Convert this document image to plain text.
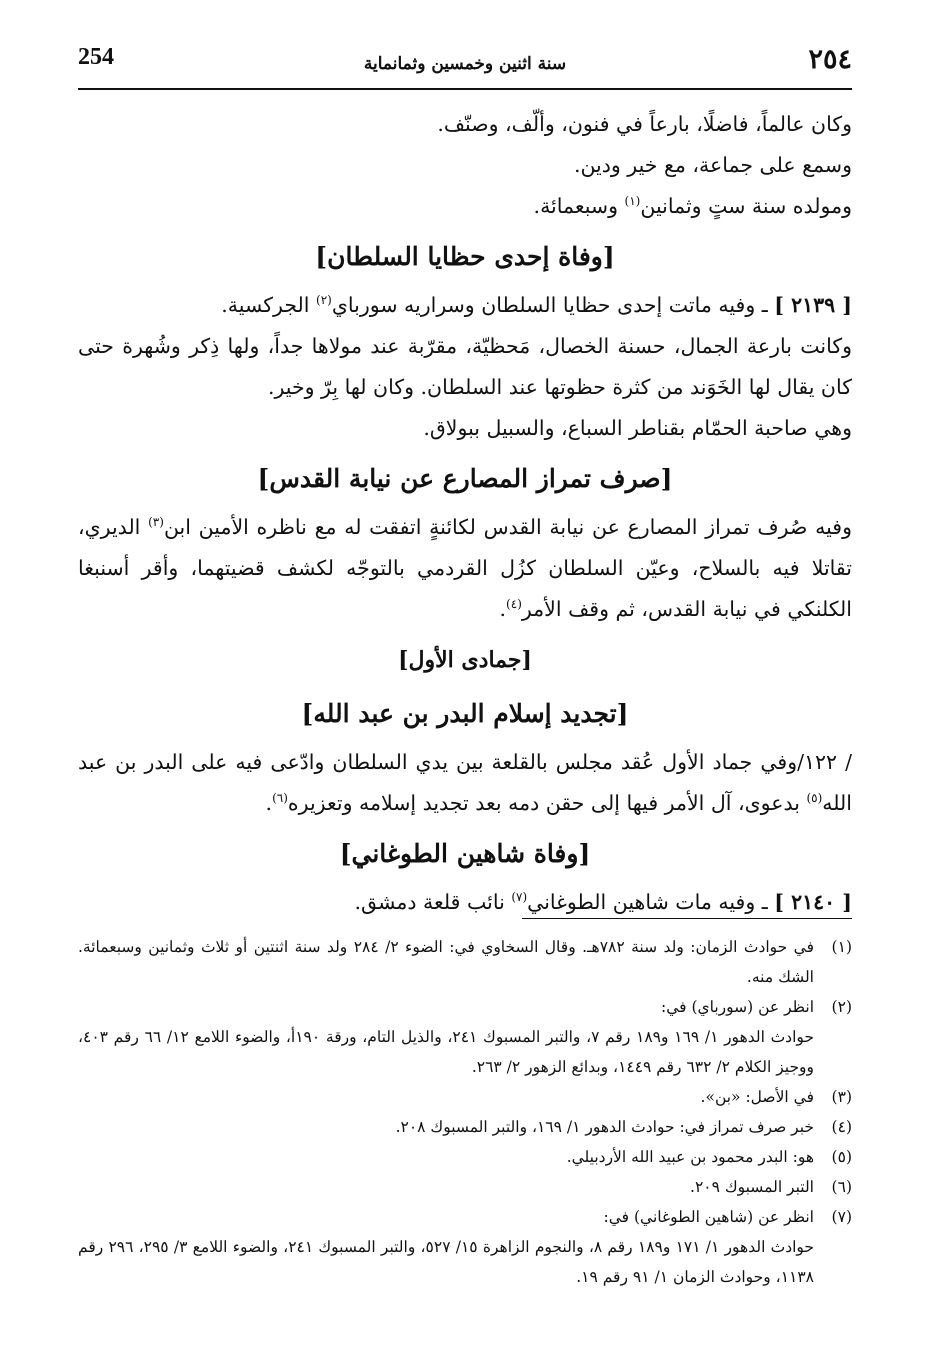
254	سنة اثنين وخمسين وثمانماية	٢٥٤

وكان عالماً، فاضلًا، بارعاً في فنون، وألّف، وصنّف.

وسمع على جماعة، مع خير ودين.

ومولده سنة ستٍ وثمانين$^{(١)}$ وسبعمائة.

[وفاة إحدى حظايا السلطان]

[ ٢١٣٩ ] ـ وفيه ماتت إحدى حظايا السلطان وسراريه سورباي$^{(٢)}$ الجركسية.

وكانت بارعة الجمال، حسنة الخصال، مَحظيّة، مقرّبة عند مولاها جداً، ولها ذِكر وشُهرة حتى كان يقال لها الخَوَند من كثرة حظوتها عند السلطان. وكان لها بِرّ وخير.

وهي صاحبة الحمّام بقناطر السباع، والسبيل ببولاق.

[صرف تمراز المصارع عن نيابة القدس]

وفيه صُرف تمراز المصارع عن نيابة القدس لكائنةٍ اتفقت له مع ناظره الأمين ابن$^{(٣)}$ الديري، تقاتلا فيه بالسلاح، وعيّن السلطان كزُل القردمي بالتوجّه لكشف قضيتهما، وأقر أسنبغا الكلنكي في نيابة القدس، ثم وقف الأمر$^{(٤)}$.

[جمادى الأول]
[تجديد إسلام البدر بن عبد الله]

/ ١٢٢/وفي جماد الأول عُقد مجلس بالقلعة بين يدي السلطان وادّعى فيه على البدر بن عبد الله$^{(٥)}$ بدعوى، آل الأمر فيها إلى حقن دمه بعد تجديد إسلامه وتعزيره$^{(٦)}$.

[وفاة شاهين الطوغاني]

[ ٢١٤٠ ] ـ وفيه مات شاهين الطوغاني$^{(٧)}$ نائب قلعة دمشق.

(١)
في حوادث الزمان: ولد سنة ٧٨٢هـ. وقال السخاوي في: الضوء ٢/ ٢٨٤ ولد سنة اثنتين أو ثلاث وثمانين وسبعمائة. الشك منه.
(٢)
انظر عن (سورباي) في:
حوادث الدهور ١/ ١٦٩ و١٨٩ رقم ٧، والتبر المسبوك ٢٤١، والذيل التام، ورقة ١٩٠أ، والضوء اللامع ١٢/ ٦٦ رقم ٤٠٣، ووجيز الكلام ٢/ ٦٣٢ رقم ١٤٤٩، وبدائع الزهور ٢/ ٢٦٣.
(٣)
في الأصل: «بن».
(٤)
خبر صرف تمراز في: حوادث الدهور ١/ ١٦٩، والتبر المسبوك ٢٠٨.
(٥)
هو: البدر محمود بن عبيد الله الأردبيلي.
(٦)
التبر المسبوك ٢٠٩.
(٧)
انظر عن (شاهين الطوغاني) في:
حوادث الدهور ١/ ١٧١ و١٨٩ رقم ٨، والنجوم الزاهرة ١٥/ ٥٢٧، والتبر المسبوك ٢٤١، والضوء اللامع ٣/ ٢٩٥، ٢٩٦ رقم ١١٣٨، وحوادث الزمان ١/ ٩١ رقم ١٩.
